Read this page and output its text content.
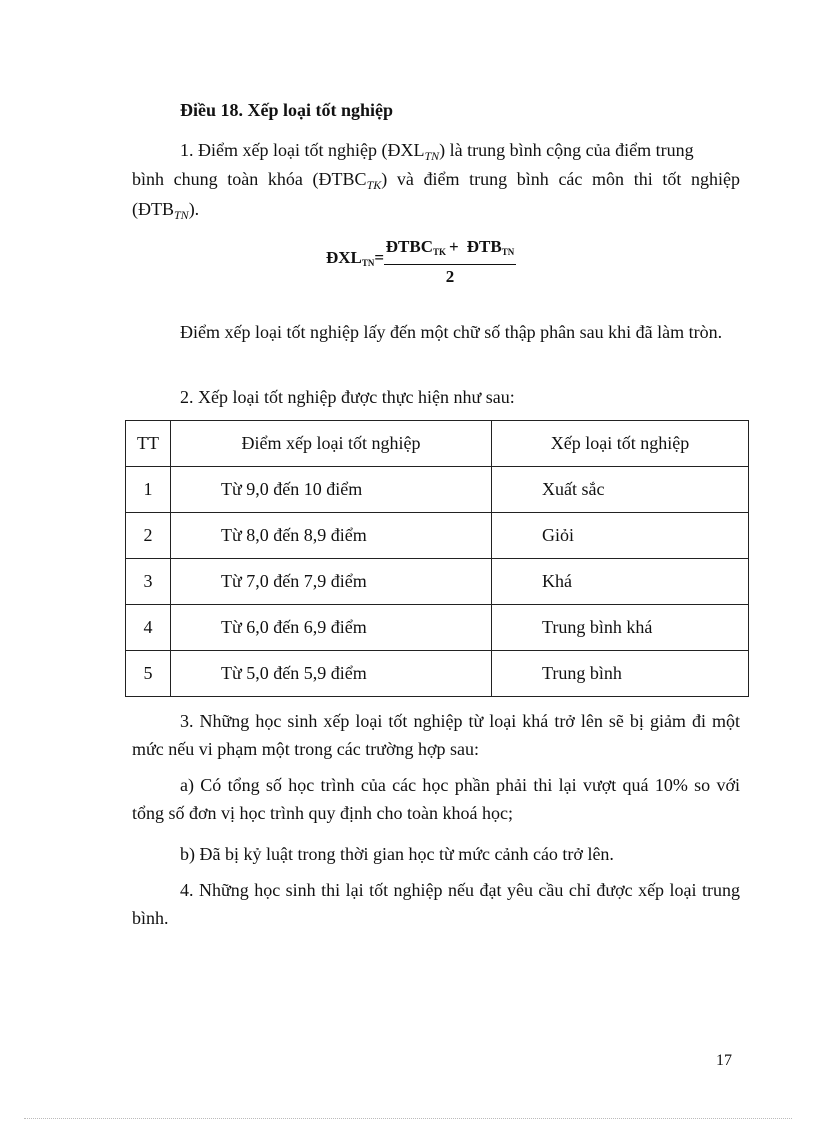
Điều 18. Xếp loại tốt nghiệp
1. Điểm xếp loại tốt nghiệp $(ĐXL_{TN})$ là trung bình cộng của điểm trung
bình chung toàn khóa $(ĐTBC_{TK})$ và điểm trung bình các môn thi tốt nghiệp
$(ĐTB_{TN})$.
ĐXLTN=
ĐTBCTK + ĐTBTN
2
Điểm xếp loại tốt nghiệp lấy đến một chữ số thập phân sau khi đã làm tròn.
2. Xếp loại tốt nghiệp được thực hiện như sau:
TT	Điểm xếp loại tốt nghiệp	Xếp loại tốt nghiệp
1	Từ 9,0 đến 10 điểm	Xuất sắc
2	Từ 8,0 đến 8,9 điểm	Giỏi
3	Từ 7,0 đến 7,9 điểm	Khá
4	Từ 6,0 đến 6,9 điểm	Trung bình khá
5	Từ 5,0 đến 5,9 điểm	Trung bình
3. Những học sinh xếp loại tốt nghiệp từ loại khá trở lên sẽ bị giảm đi một mức nếu vi phạm một trong các trường hợp sau:
a) Có tổng số học trình của các học phần phải thi lại vượt quá 10% so với tổng số đơn vị học trình quy định cho toàn khoá học;
b) Đã bị kỷ luật trong thời gian học từ mức cảnh cáo trở lên.
4. Những học sinh thi lại tốt nghiệp nếu đạt yêu cầu chỉ được xếp loại trung bình.
17
